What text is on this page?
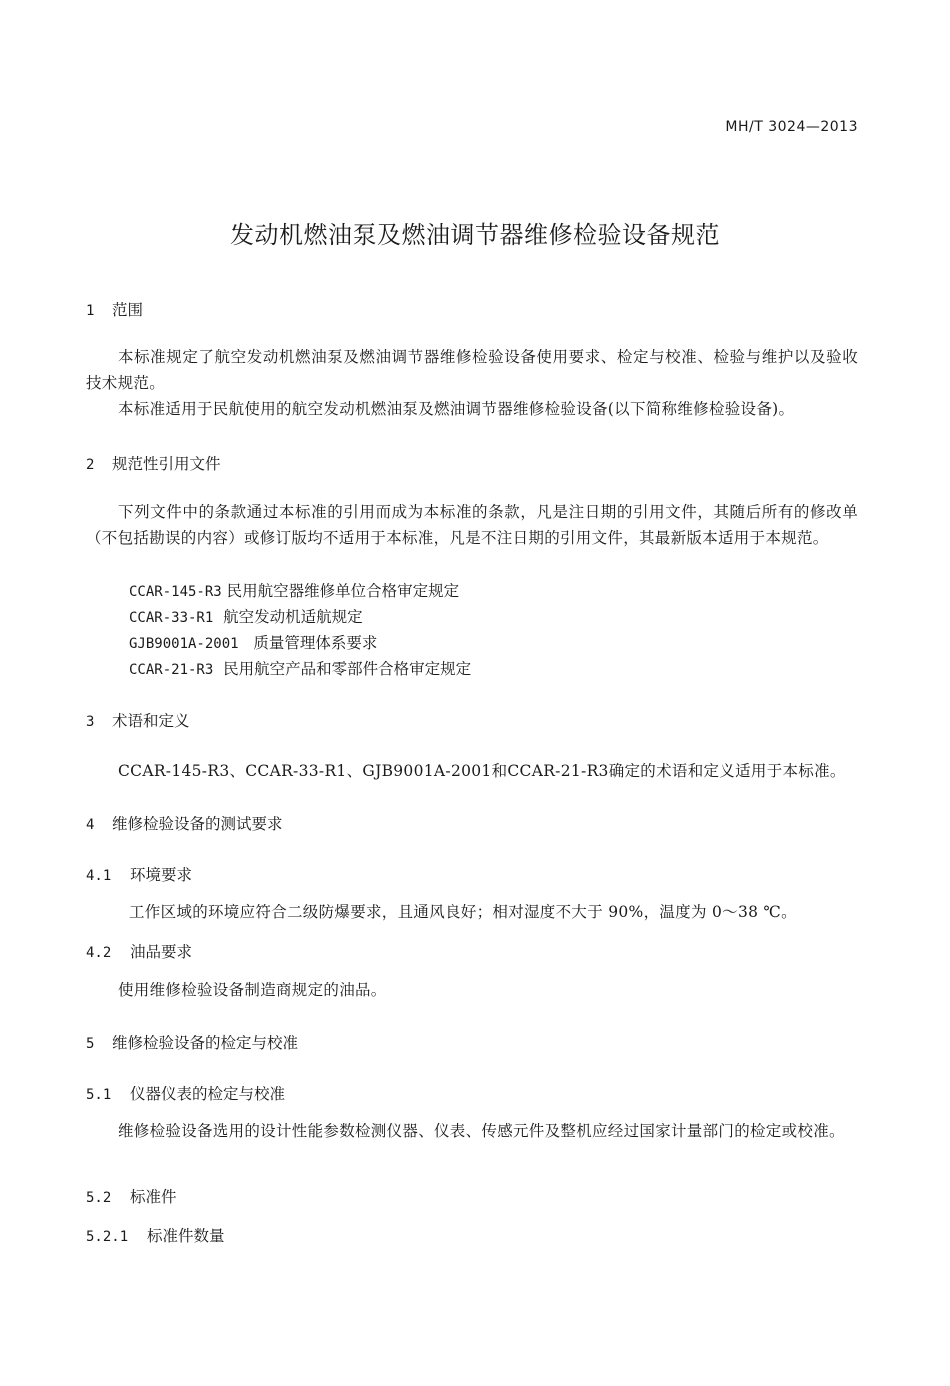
MH/T 3024—2013
发动机燃油泵及燃油调节器维修检验设备规范
1 范围
本标准规定了航空发动机燃油泵及燃油调节器维修检验设备使用要求、检定与校准、检验与维护以及验收技术规范。
本标准适用于民航使用的航空发动机燃油泵及燃油调节器维修检验设备(以下简称维修检验设备)。
2 规范性引用文件
下列文件中的条款通过本标准的引用而成为本标准的条款，凡是注日期的引用文件，其随后所有的修改单（不包括勘误的内容）或修订版均不适用于本标准，凡是不注日期的引用文件，其最新版本适用于本规范。
CCAR-145-R3 民用航空器维修单位合格审定规定
CCAR-33-R1 航空发动机适航规定
GJB9001A-2001 质量管理体系要求
CCAR-21-R3 民用航空产品和零部件合格审定规定
3 术语和定义
CCAR-145-R3、CCAR-33-R1、GJB9001A-2001和CCAR-21-R3确定的术语和定义适用于本标准。
4 维修检验设备的测试要求
4.1 环境要求
工作区域的环境应符合二级防爆要求，且通风良好；相对湿度不大于 90%，温度为 0～38 ℃。
4.2 油品要求
使用维修检验设备制造商规定的油品。
5 维修检验设备的检定与校准
5.1 仪器仪表的检定与校准
维修检验设备选用的设计性能参数检测仪器、仪表、传感元件及整机应经过国家计量部门的检定或校准。
5.2 标准件
5.2.1 标准件数量
